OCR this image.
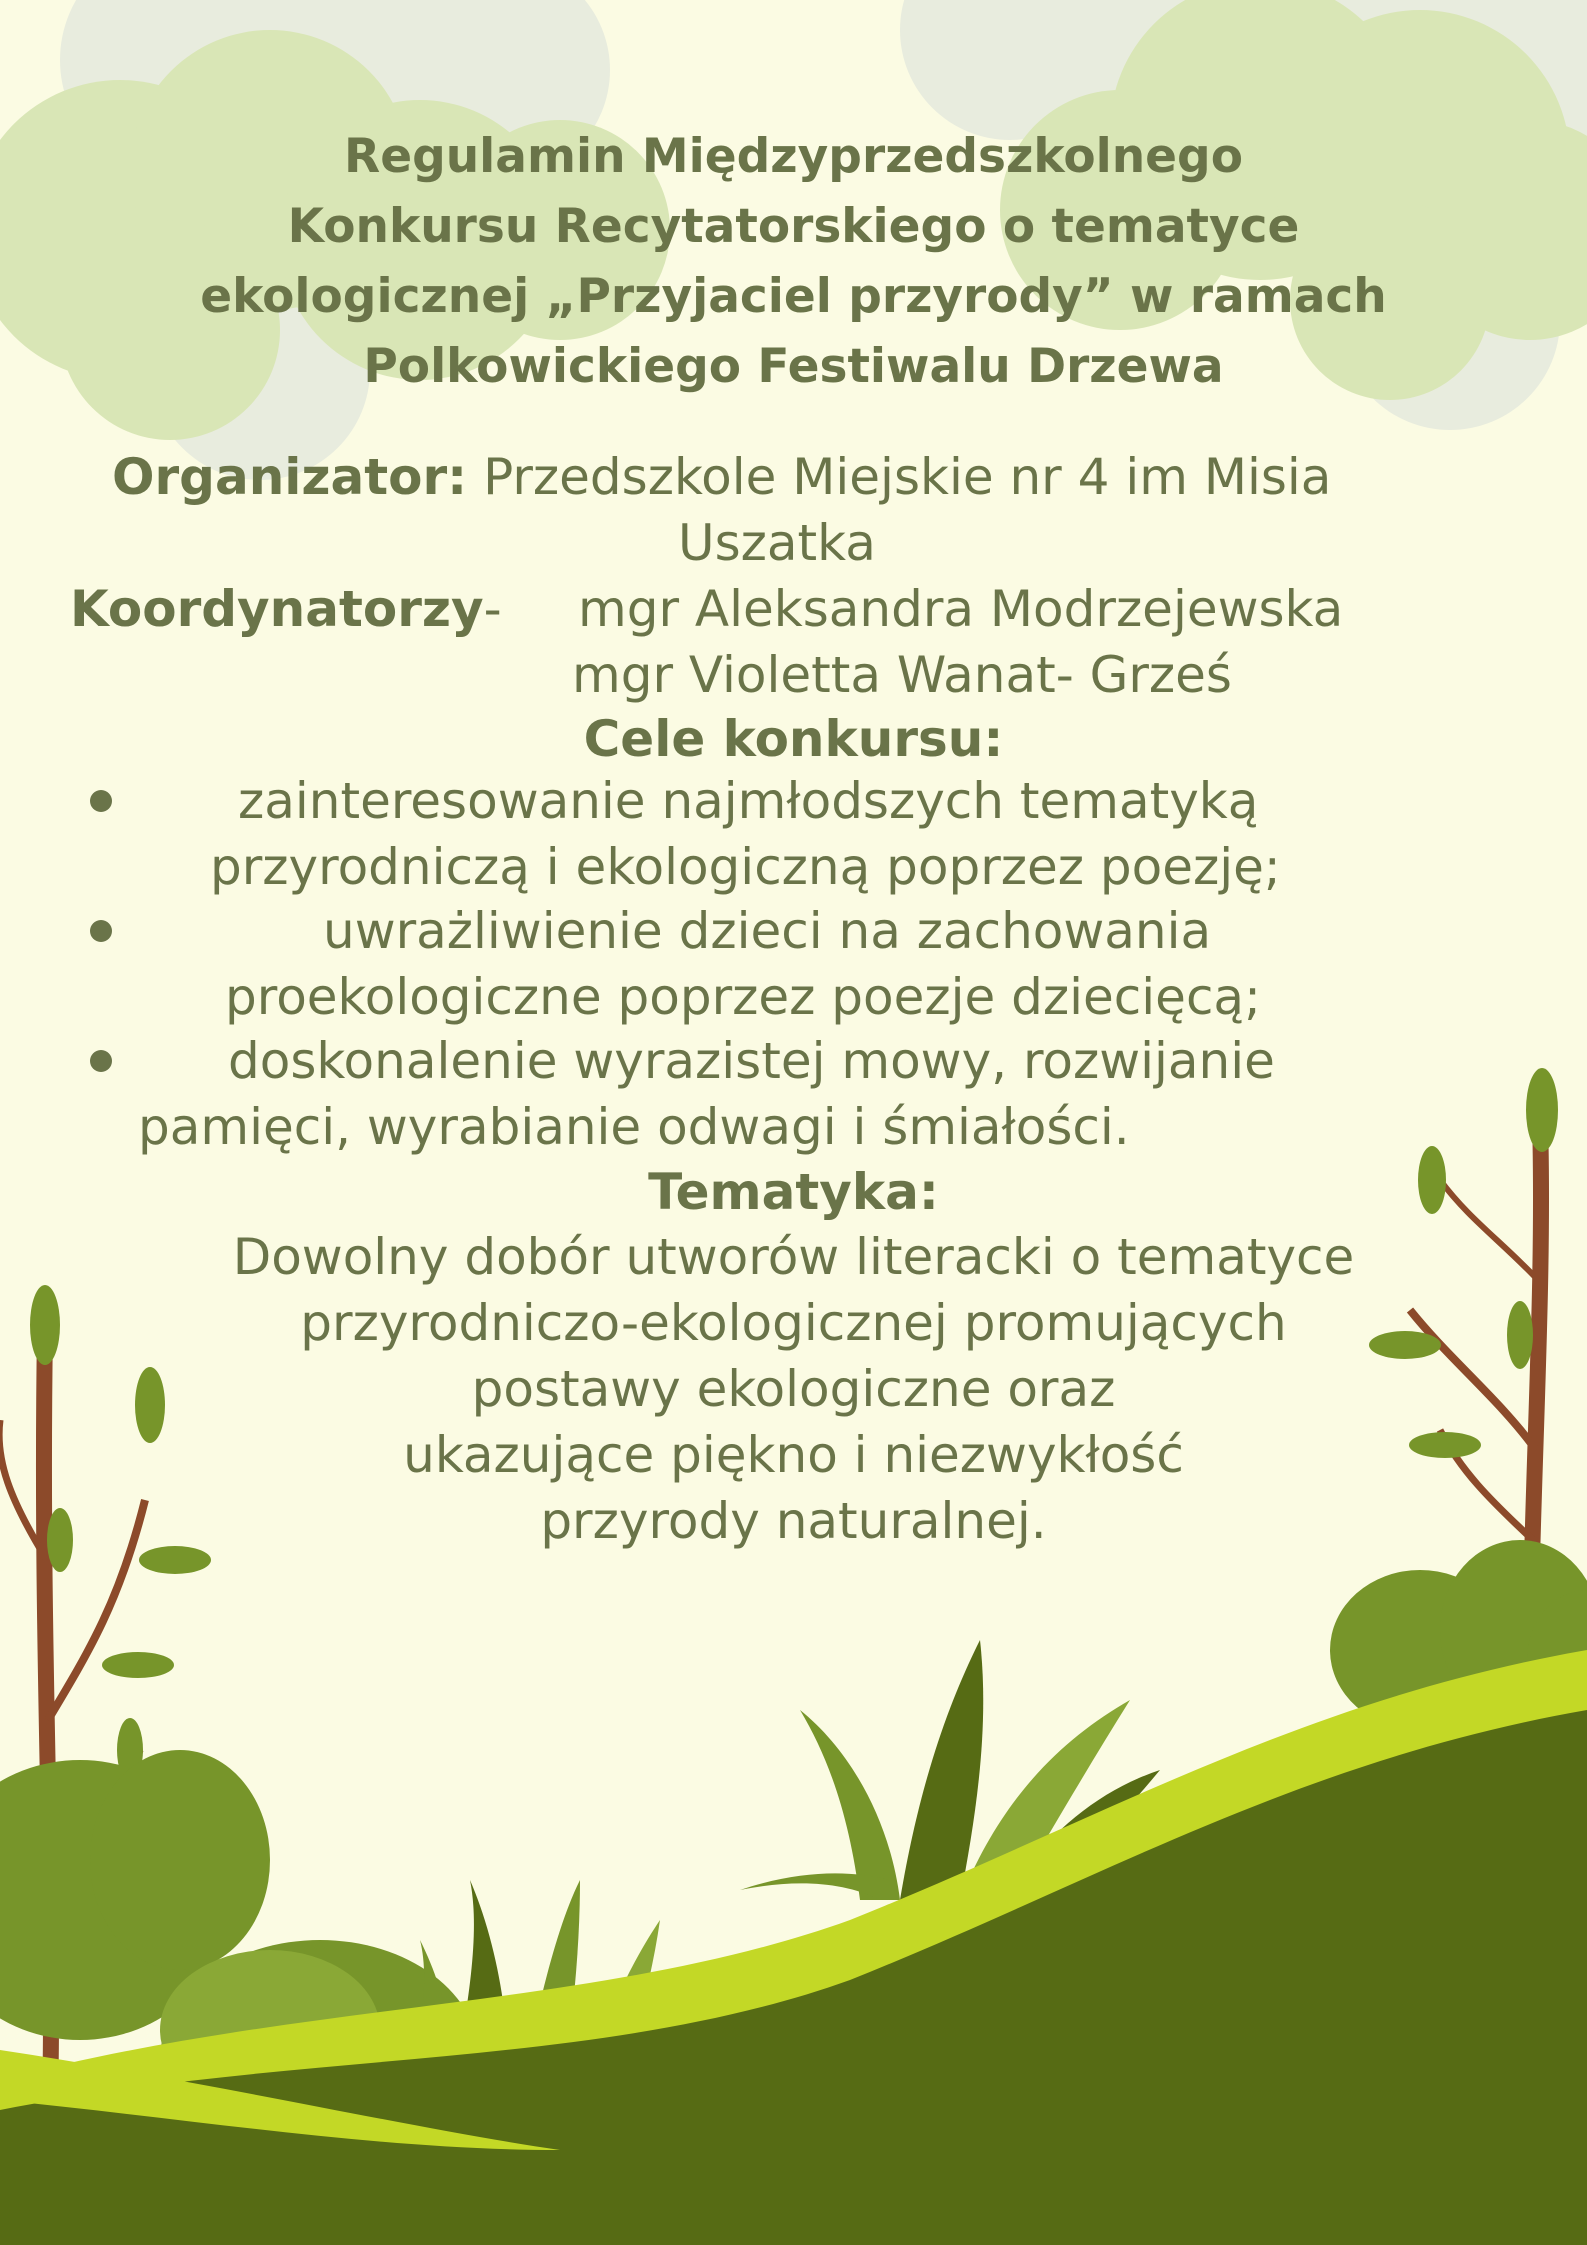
Regulamin Międzyprzedszkolnego
Konkursu Recytatorskiego o tematyce
ekologicznej „Przyjaciel przyrody” w ramach
Polkowickiego Festiwalu Drzewa
Organizator: Przedszkole Miejskie nr 4 im Misia
Uszatka
Koordynatorzy- mgr Aleksandra Modrzejewska
mgr Violetta Wanat- Grześ
Cele konkursu:
zainteresowanie najmłodszych tematyką
przyrodniczą i ekologiczną poprzez poezję;
uwrażliwienie dzieci na zachowania
proekologiczne poprzez poezje dziecięcą;
doskonalenie wyrazistej mowy, rozwijanie
pamięci, wyrabianie odwagi i śmiałości.
Tematyka:
Dowolny dobór utworów literacki o tematyce
przyrodniczo-ekologicznej promujących
postawy ekologiczne oraz
ukazujące piękno i niezwykłość
przyrody naturalnej.
